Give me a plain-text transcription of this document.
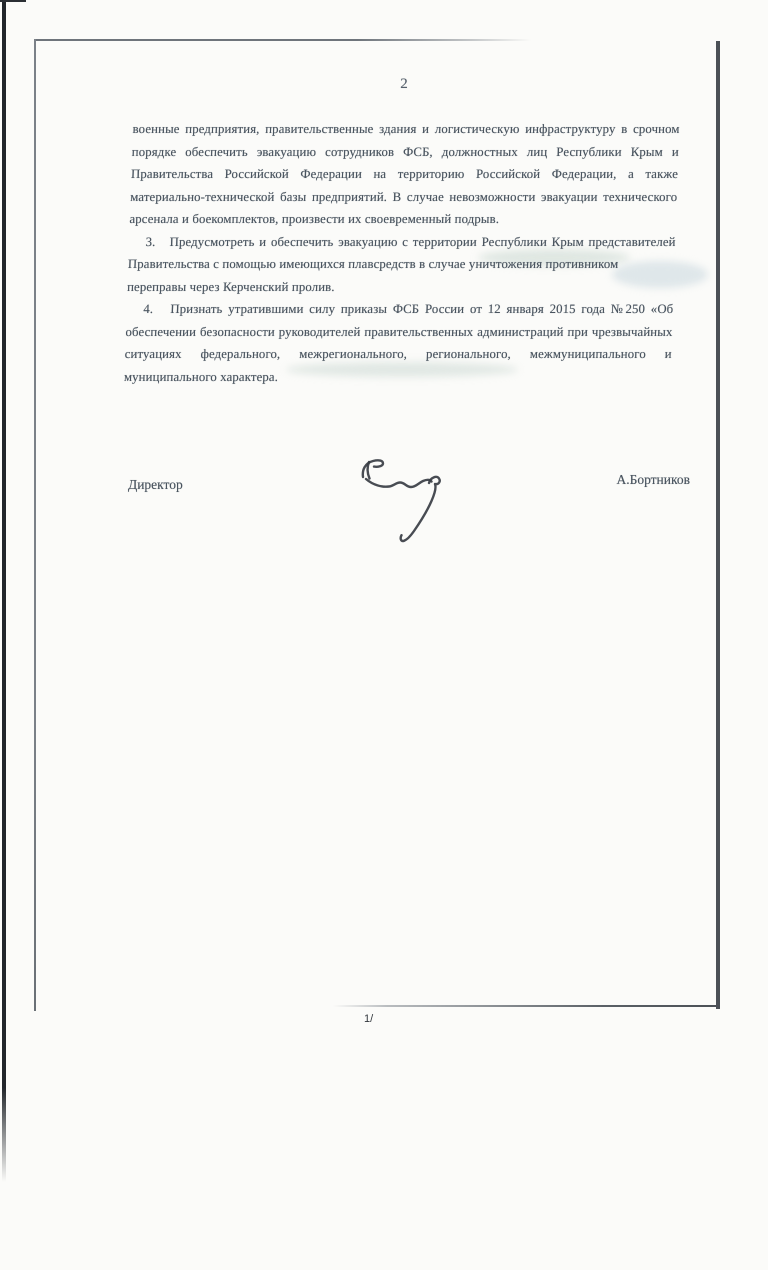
2
военные предприятия, правительственные здания и логистическую инфраструктуру в срочном
порядке обеспечить эвакуацию сотрудников ФСБ, должностных лиц Республики Крым и
Правительства Российской Федерации на территорию Российской Федерации, а также
материально-технической базы предприятий. В случае невозможности эвакуации технического
арсенала и боекомплектов, произвести их своевременный подрыв.
3.   Предусмотреть и обеспечить эвакуацию с территории Республики Крым представителей
Правительства с помощью имеющихся плавсредств в случае уничтожения противником
переправы через Керченский пролив.
4.   Признать утратившими силу приказы ФСБ России от 12 января 2015 года №250 «Об
обеспечении безопасности руководителей правительственных администраций при чрезвычайных
ситуациях федерального, межрегионального, регионального, межмуниципального и
муниципального характера.
Директор	А.Бортников
1/
